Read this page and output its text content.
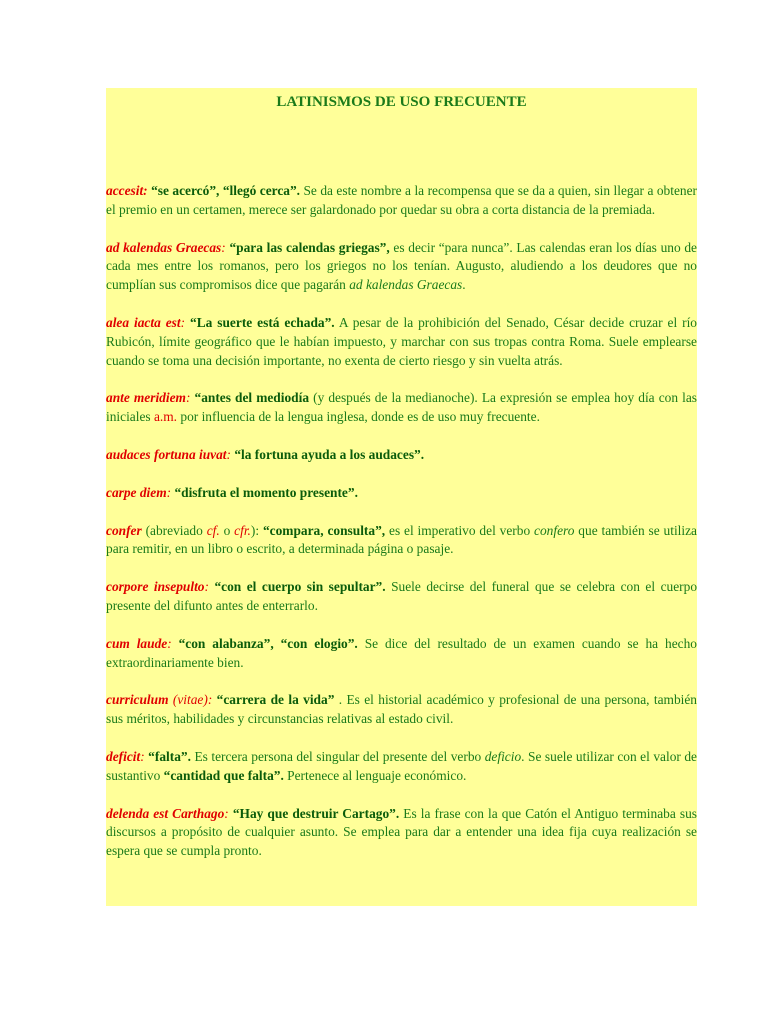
LATINISMOS DE USO FRECUENTE

accesit: “se acercó”, “llegó cerca”. Se da este nombre a la recompensa que se da a quien, sin llegar a obtener el premio en un certamen, merece ser galardonado por quedar su obra a corta distancia de la premiada.

ad kalendas Graecas: “para las calendas griegas”, es decir “para nunca”. Las calendas eran los días uno de cada mes entre los romanos, pero los griegos no los tenían. Augusto, aludiendo a los deudores que no cumplían sus compromisos dice que pagarán ad kalendas Graecas.

alea iacta est: “La suerte está echada”. A pesar de la prohibición del Senado, César decide cruzar el río Rubicón, límite geográfico que le habían impuesto, y marchar con sus tropas contra Roma. Suele emplearse cuando se toma una decisión importante, no exenta de cierto riesgo y sin vuelta atrás.

ante meridiem: “antes del mediodía (y después de la medianoche). La expresión se emplea hoy día con las iniciales a.m. por influencia de la lengua inglesa, donde es de uso muy frecuente.

audaces fortuna iuvat: “la fortuna ayuda a los audaces”.

carpe diem: “disfruta el momento presente”.

confer (abreviado cf. o cfr.): “compara, consulta”, es el imperativo del verbo confero que también se utiliza para remitir, en un libro o escrito, a determinada página o pasaje.

corpore insepulto: “con el cuerpo sin sepultar”. Suele decirse del funeral que se celebra con el cuerpo presente del difunto antes de enterrarlo.

cum laude: “con alabanza”, “con elogio”. Se dice del resultado de un examen cuando se ha hecho extraordinariamente bien.

curriculum (vitae): “carrera de la vida” . Es el historial académico y profesional de una persona, también sus méritos, habilidades y circunstancias relativas al estado civil.

deficit: “falta”. Es tercera persona del singular del presente del verbo deficio. Se suele utilizar con el valor de sustantivo “cantidad que falta”. Pertenece al lenguaje económico.

delenda est Carthago: “Hay que destruir Cartago”. Es la frase con la que Catón el Antiguo terminaba sus discursos a propósito de cualquier asunto. Se emplea para dar a entender una idea fija cuya realización se espera que se cumpla pronto.
